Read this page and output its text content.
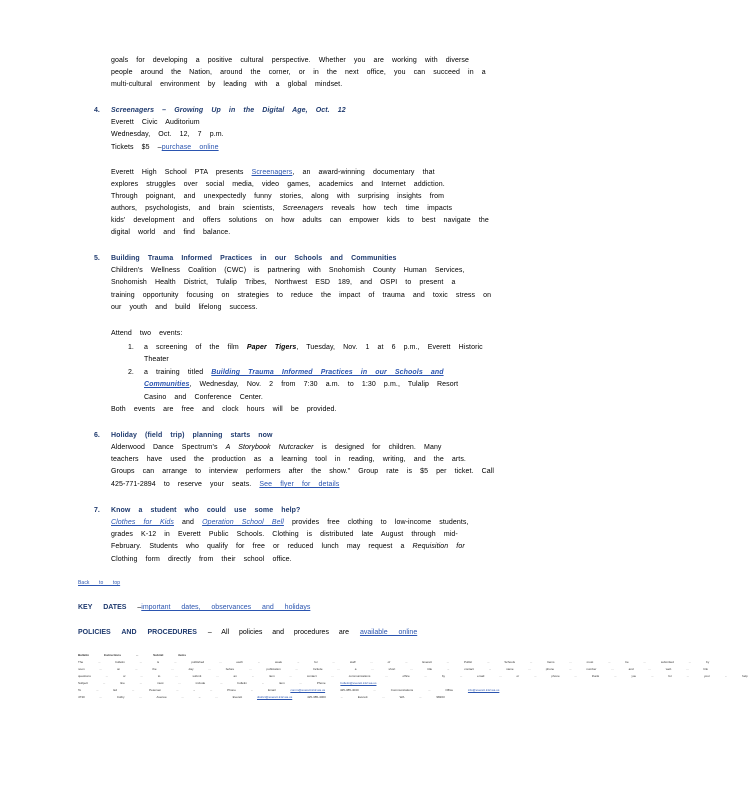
goals for developing a positive cultural perspective. Whether you are working with diverse
people around the Nation, around the corner, or in the next office, you can succeed in a
multi-cultural environment by leading with a global mindset.
4. Screenagers – Growing Up in the Digital Age, Oct. 12
Everett Civic Auditorium
Wednesday, Oct. 12, 7 p.m.
Tickets $5 –purchase online
Everett High School PTA presents Screenagers, an award-winning documentary that
explores struggles over social media, video games, academics and Internet addiction.
Through poignant, and unexpectedly funny stories, along with surprising insights from
authors, psychologists, and brain scientists, Screenagers reveals how tech time impacts
kids' development and offers solutions on how adults can empower kids to best navigate the
digital world and find balance.
5. Building Trauma Informed Practices in our Schools and Communities
Children's Wellness Coalition (CWC) is partnering with Snohomish County Human Services,
Snohomish Health District, Tulalip Tribes, Northwest ESD 189, and OSPI to present a
training opportunity focusing on strategies to reduce the impact of trauma and toxic stress on
our youth and build lifelong success.
Attend two events:
1. a screening of the film Paper Tigers, Tuesday, Nov. 1 at 6 p.m., Everett Historic
Theater
2. a training titled Building Trauma Informed Practices in our Schools and
Communities, Wednesday, Nov. 2 from 7:30 a.m. to 1:30 p.m., Tulalip Resort
Casino and Conference Center.
Both events are free and clock hours will be provided.
6. Holiday (field trip) planning starts now
Alderwood Dance Spectrum's A Storybook Nutcracker is designed for children. Many
teachers have used the production as a learning tool in reading, writing, and the arts.
Groups can arrange to interview performers after the show." Group rate is $5 per ticket. Call
425-771-2894 to reserve your seats. See flyer for details
7. Know a student who could use some help?
Clothes for Kids and Operation School Bell provides free clothing to low-income students,
grades K-12 in Everett Public Schools. Clothing is distributed late August through mid-
February. Students who qualify for free or reduced lunch may request a Requisition for
Clothing form directly from their school office.
Back to top
KEY DATES –important dates, observances and holidays
POLICIES AND PROCEDURES – All policies and procedures are available online
Bulletin Instructions ... Submit items
The ... bulletin ... is ... published ... each ... week ... for ... staff ... of ... Everett ... Public ... Schools ... Items ... must ... be ... submitted ... by
noon ... on ... the ... day ... before ... publication ... Include ... a ... short ... title ... contact ... name ... phone ... number ... and ... web ... link
questions ... or ... to ... submit ... an ... item ... contact ... communications ... office ... by ... email ... or ... phone ... thank ... you ... for ... your ... help
Subject ... line ... must ... include ... bulletin ... item ... Phone	bulletin@everett.k12.wa.us
To ... Ed ... Petersen ... – ... Phone ... Email	comm@everett.k12.wa.us	425-385-4040 ... Communications ... Office	info@everett.k12.wa.us
4730 ... Colby ... Avenue ... – ... Everett	district@everett.k12.wa.us	425-385-4000 ... Everett ... WA ... 98203
